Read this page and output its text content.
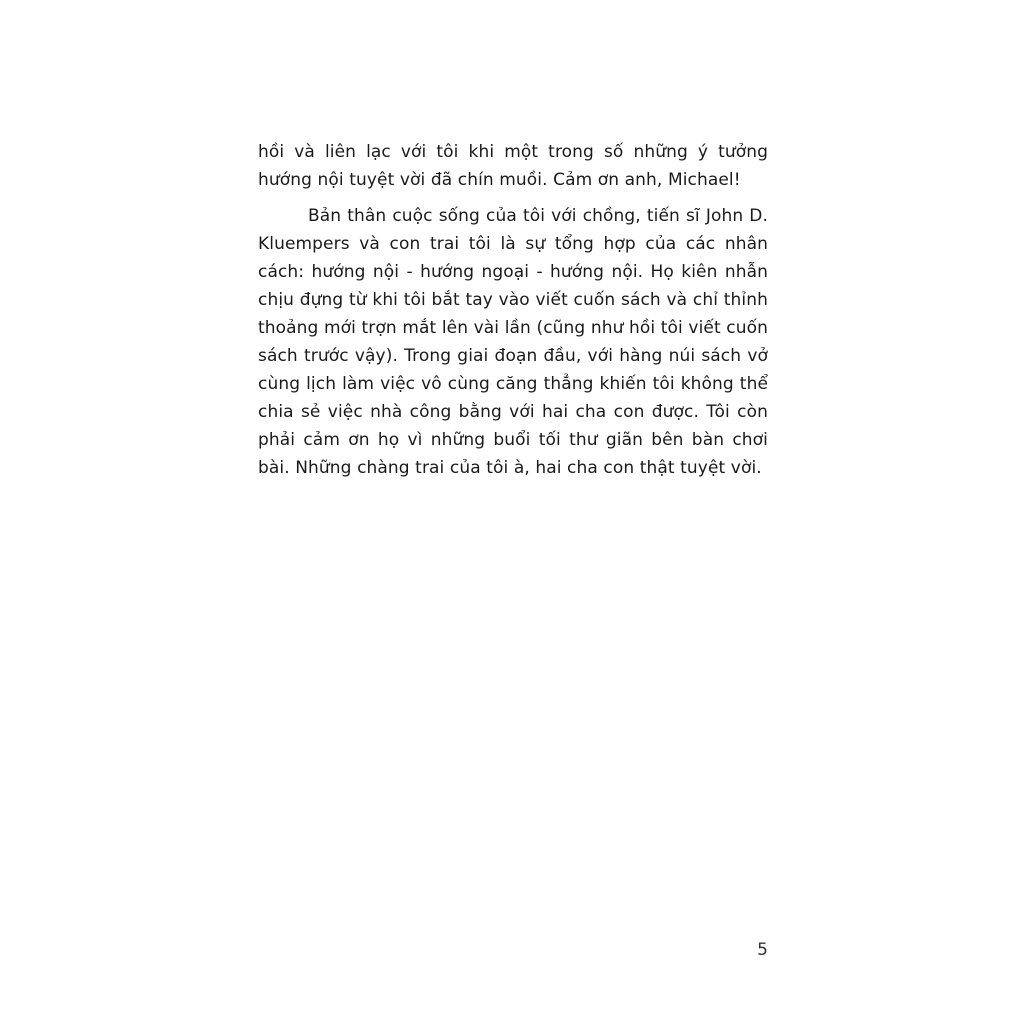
hồi và liên lạc với tôi khi một trong số những ý tưởng hướng nội tuyệt vời đã chín muồi. Cảm ơn anh, Michael!

Bản thân cuộc sống của tôi với chồng, tiến sĩ John D. Kluempers và con trai tôi là sự tổng hợp của các nhân cách: hướng nội - hướng ngoại - hướng nội. Họ kiên nhẫn chịu đựng từ khi tôi bắt tay vào viết cuốn sách và chỉ thỉnh thoảng mới trợn mắt lên vài lần (cũng như hồi tôi viết cuốn sách trước vậy). Trong giai đoạn đầu, với hàng núi sách vở cùng lịch làm việc vô cùng căng thẳng khiến tôi không thể chia sẻ việc nhà công bằng với hai cha con được. Tôi còn phải cảm ơn họ vì những buổi tối thư giãn bên bàn chơi bài. Những chàng trai của tôi à, hai cha con thật tuyệt vời.

5
